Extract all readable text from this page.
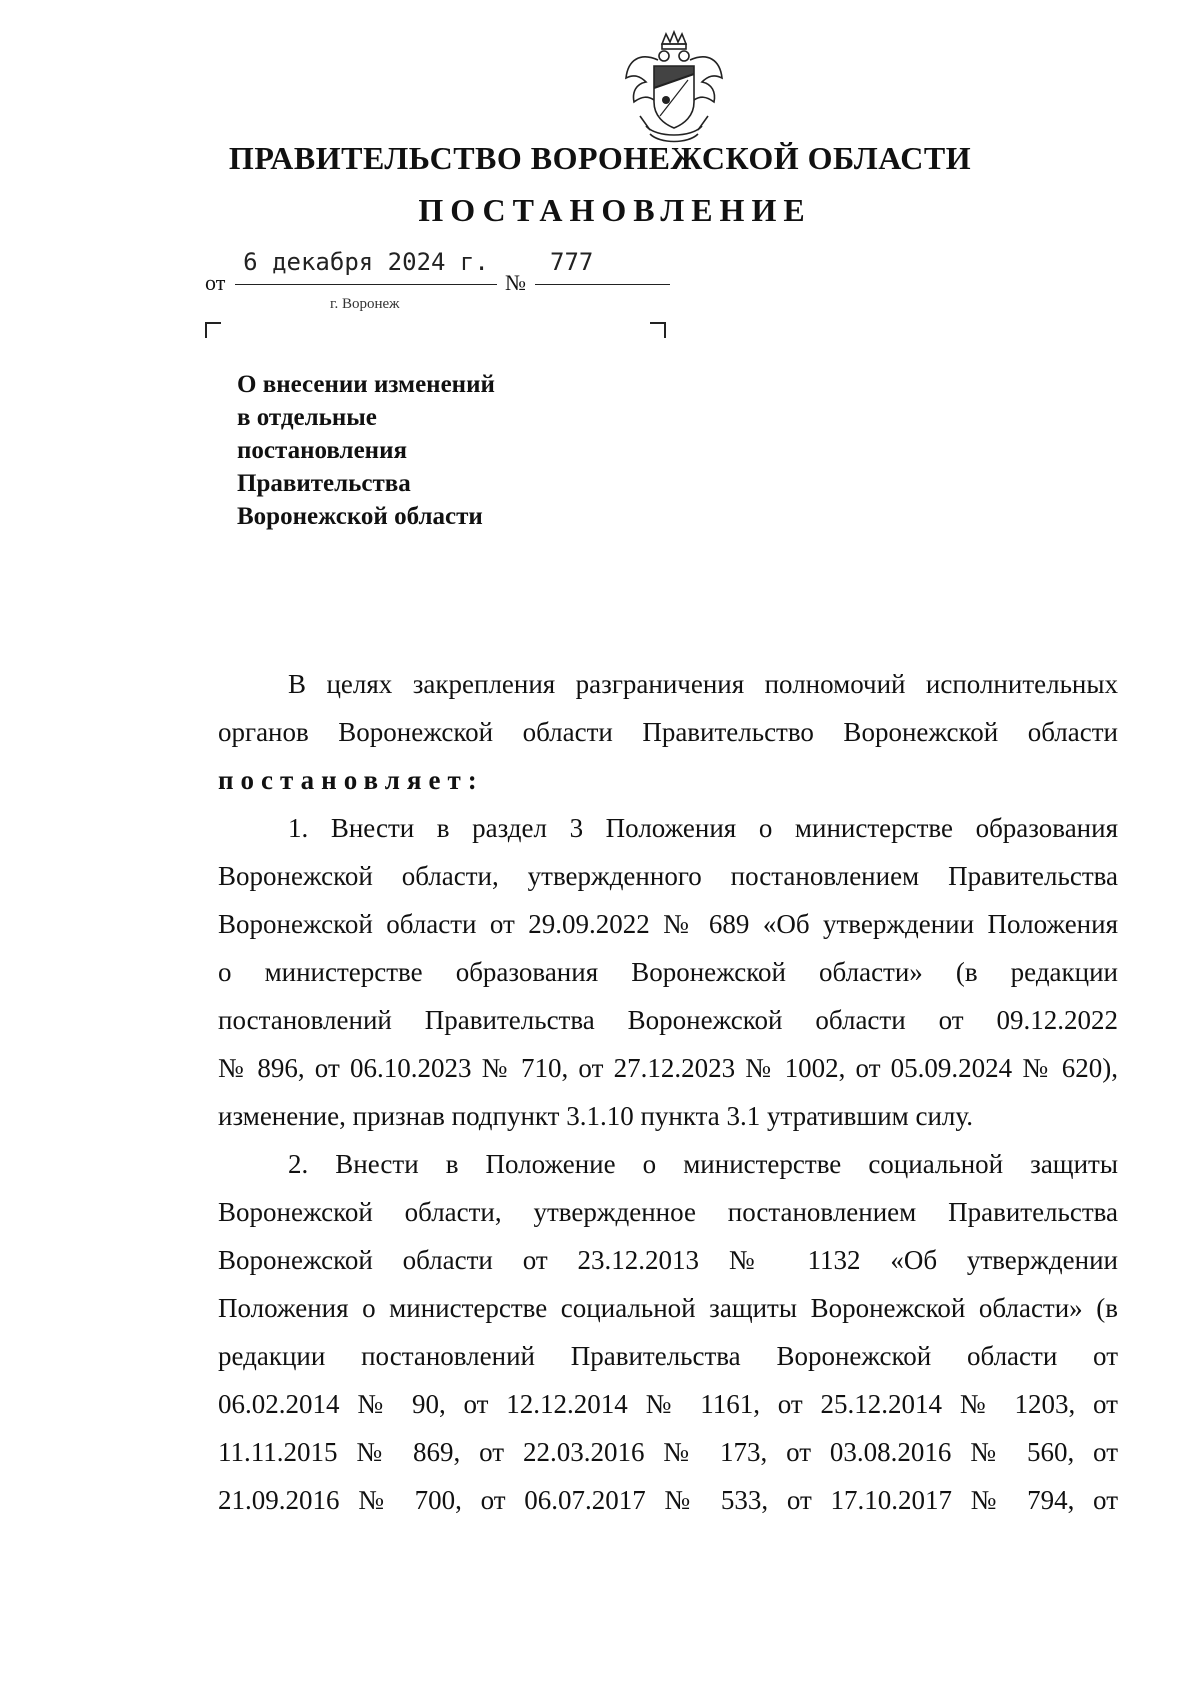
ПРАВИТЕЛЬСТВО ВОРОНЕЖСКОЙ ОБЛАСТИ
ПОСТАНОВЛЕНИЕ
от
6 декабря 2024 г.
№
777
г. Воронеж
О внесении изменений
в отдельные
постановления
Правительства
Воронежской области
В целях закрепления разграничения полномочий исполнительных
органов Воронежской области Правительство Воронежской области
постановляет:
1. Внести в раздел 3 Положения о министерстве образования
Воронежской области, утвержденного постановлением Правительства
Воронежской области от 29.09.2022 № 689 «Об утверждении Положения
о министерстве образования Воронежской области» (в редакции
постановлений Правительства Воронежской области от 09.12.2022
№ 896, от 06.10.2023 № 710, от 27.12.2023 № 1002, от 05.09.2024 № 620),
изменение, признав подпункт 3.1.10 пункта 3.1 утратившим силу.
2. Внести в Положение о министерстве социальной защиты
Воронежской области, утвержденное постановлением Правительства
Воронежской области от 23.12.2013 № 1132 «Об утверждении
Положения о министерстве социальной защиты Воронежской области» (в
редакции постановлений Правительства Воронежской области от
06.02.2014 № 90, от 12.12.2014 № 1161, от 25.12.2014 № 1203, от
11.11.2015 № 869, от 22.03.2016 № 173, от 03.08.2016 № 560, от
21.09.2016 № 700, от 06.07.2017 № 533, от 17.10.2017 № 794, от
